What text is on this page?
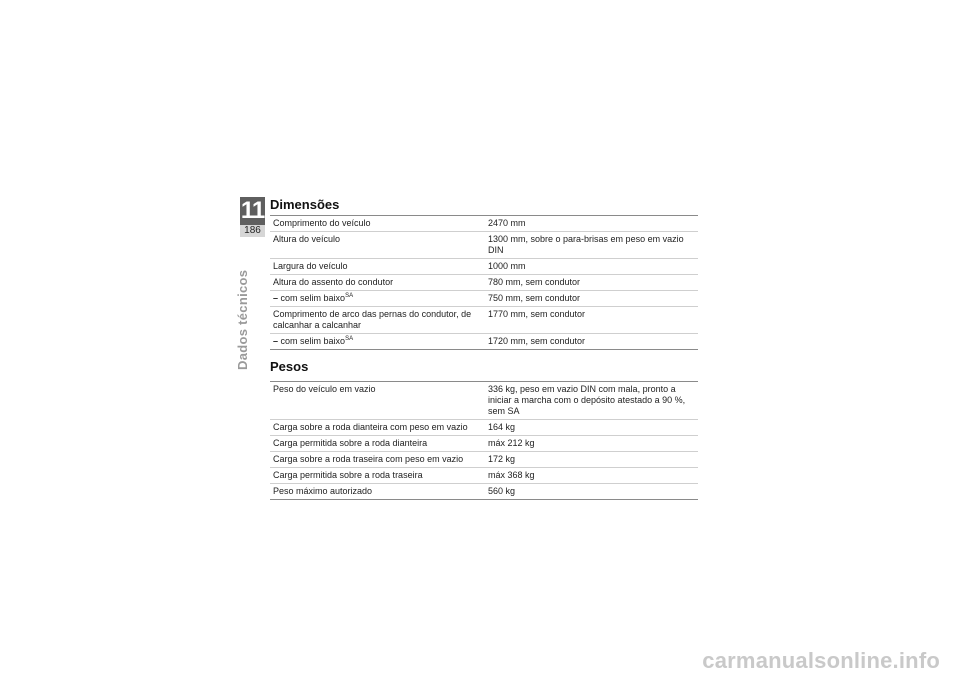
11
186
Dados técnicos
Dimensões
Comprimento do veículo	2470 mm
Altura do veículo	1300 mm, sobre o para-brisas em peso em vazio DIN
Largura do veículo	1000 mm
Altura do assento do condutor	780 mm, sem condutor
– com selim baixo$^{SA}$	750 mm, sem condutor
Comprimento de arco das pernas do condutor, de calcanhar a calcanhar	1770 mm, sem condutor
– com selim baixo$^{SA}$	1720 mm, sem condutor
Pesos
Peso do veículo em vazio	336 kg, peso em vazio DIN com mala, pronto a iniciar a marcha com o depósito atestado a 90 %, sem SA
Carga sobre a roda dianteira com peso em vazio	164 kg
Carga permitida sobre a roda dianteira	máx 212 kg
Carga sobre a roda traseira com peso em vazio	172 kg
Carga permitida sobre a roda traseira	máx 368 kg
Peso máximo autorizado	560 kg
carmanualsonline.info
